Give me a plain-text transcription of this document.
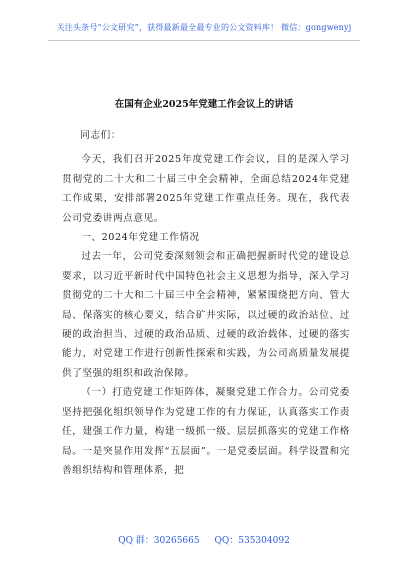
关注头条号“公文研究”，获得最新最全最专业的公文资料库！ 微信：gongwenyj
在国有企业2025年党建工作会议上的讲话

同志们：

今天，我们召开2025年度党建工作会议，目的是深入学习贯彻党的二十大和二十届三中全会精神，全面总结2024年党建工作成果，安排部署2025年党建工作重点任务。现在，我代表公司党委讲两点意见。

一、2024年党建工作情况

过去一年，公司党委深刻领会和正确把握新时代党的建设总要求，以习近平新时代中国特色社会主义思想为指导，深入学习贯彻党的二十大和二十届三中全会精神，紧紧围绕把方向、管大局、保落实的核心要义，结合矿井实际，以过硬的政治站位、过硬的政治担当、过硬的政治品质、过硬的政治载体、过硬的落实能力，对党建工作进行创新性探索和实践，为公司高质量发展提供了坚强的组织和政治保障。

（一）打造党建工作矩阵体，凝聚党建工作合力。公司党委坚持把强化组织领导作为党建工作的有力保证，认真落实工作责任，建强工作力量，构建一级抓一级、层层抓落实的党建工作格局。一是突显作用发挥“五层面”。一是党委层面。科学设置和完善组织结构和管理体系，把

QQ 群：30265665 QQ：535304092
